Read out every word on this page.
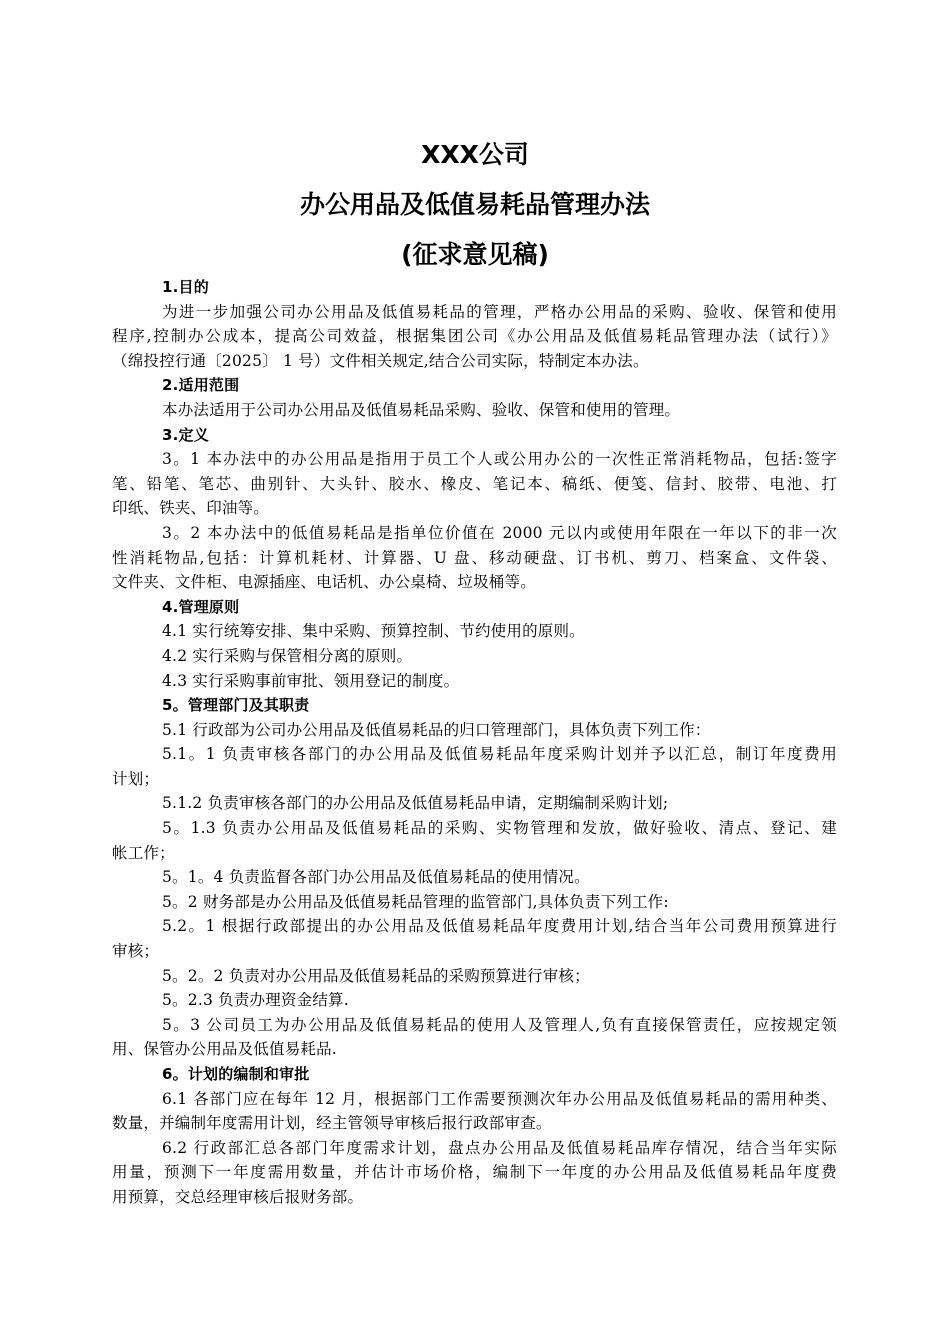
XXX公司
办公用品及低值易耗品管理办法
(征求意见稿)
1.目的
为进一步加强公司办公用品及低值易耗品的管理，严格办公用品的采购、验收、保管和使用
程序,控制办公成本，提高公司效益，根据集团公司《办公用品及低值易耗品管理办法（试行）》
（绵投控行通〔2025〕 1 号）文件相关规定,结合公司实际，特制定本办法。
2.适用范围
本办法适用于公司办公用品及低值易耗品采购、验收、保管和使用的管理。
3.定义
3。1 本办法中的办公用品是指用于员工个人或公用办公的一次性正常消耗物品，包括:签字
笔、铅笔、笔芯、曲别针、大头针、胶水、橡皮、笔记本、稿纸、便笺、信封、胶带、电池、打
印纸、铁夹、印油等。
3。2 本办法中的低值易耗品是指单位价值在 2000 元以内或使用年限在一年以下的非一次
性消耗物品,包括：计算机耗材、计算器、U 盘、移动硬盘、订书机、剪刀、档案盒、文件袋、
文件夹、文件柜、电源插座、电话机、办公桌椅、垃圾桶等。
4.管理原则
4.1 实行统筹安排、集中采购、预算控制、节约使用的原则。
4.2 实行采购与保管相分离的原则。
4.3 实行采购事前审批、领用登记的制度。
5。管理部门及其职责
5.1 行政部为公司办公用品及低值易耗品的归口管理部门，具体负责下列工作：
5.1。1 负责审核各部门的办公用品及低值易耗品年度采购计划并予以汇总，制订年度费用
计划；
5.1.2 负责审核各部门的办公用品及低值易耗品申请，定期编制采购计划;
5。1.3 负责办公用品及低值易耗品的采购、实物管理和发放，做好验收、清点、登记、建
帐工作；
5。1。4 负责监督各部门办公用品及低值易耗品的使用情况。
5。2 财务部是办公用品及低值易耗品管理的监管部门,具体负责下列工作:
5.2。1 根据行政部提出的办公用品及低值易耗品年度费用计划,结合当年公司费用预算进行
审核；
5。2。2 负责对办公用品及低值易耗品的采购预算进行审核；
5。2.3 负责办理资金结算.
5。3 公司员工为办公用品及低值易耗品的使用人及管理人,负有直接保管责任，应按规定领
用、保管办公用品及低值易耗品.
6。计划的编制和审批
6.1 各部门应在每年 12 月，根据部门工作需要预测次年办公用品及低值易耗品的需用种类、
数量，并编制年度需用计划，经主管领导审核后报行政部审查。
6.2 行政部汇总各部门年度需求计划，盘点办公用品及低值易耗品库存情况，结合当年实际
用量，预测下一年度需用数量，并估计市场价格，编制下一年度的办公用品及低值易耗品年度费
用预算，交总经理审核后报财务部。
